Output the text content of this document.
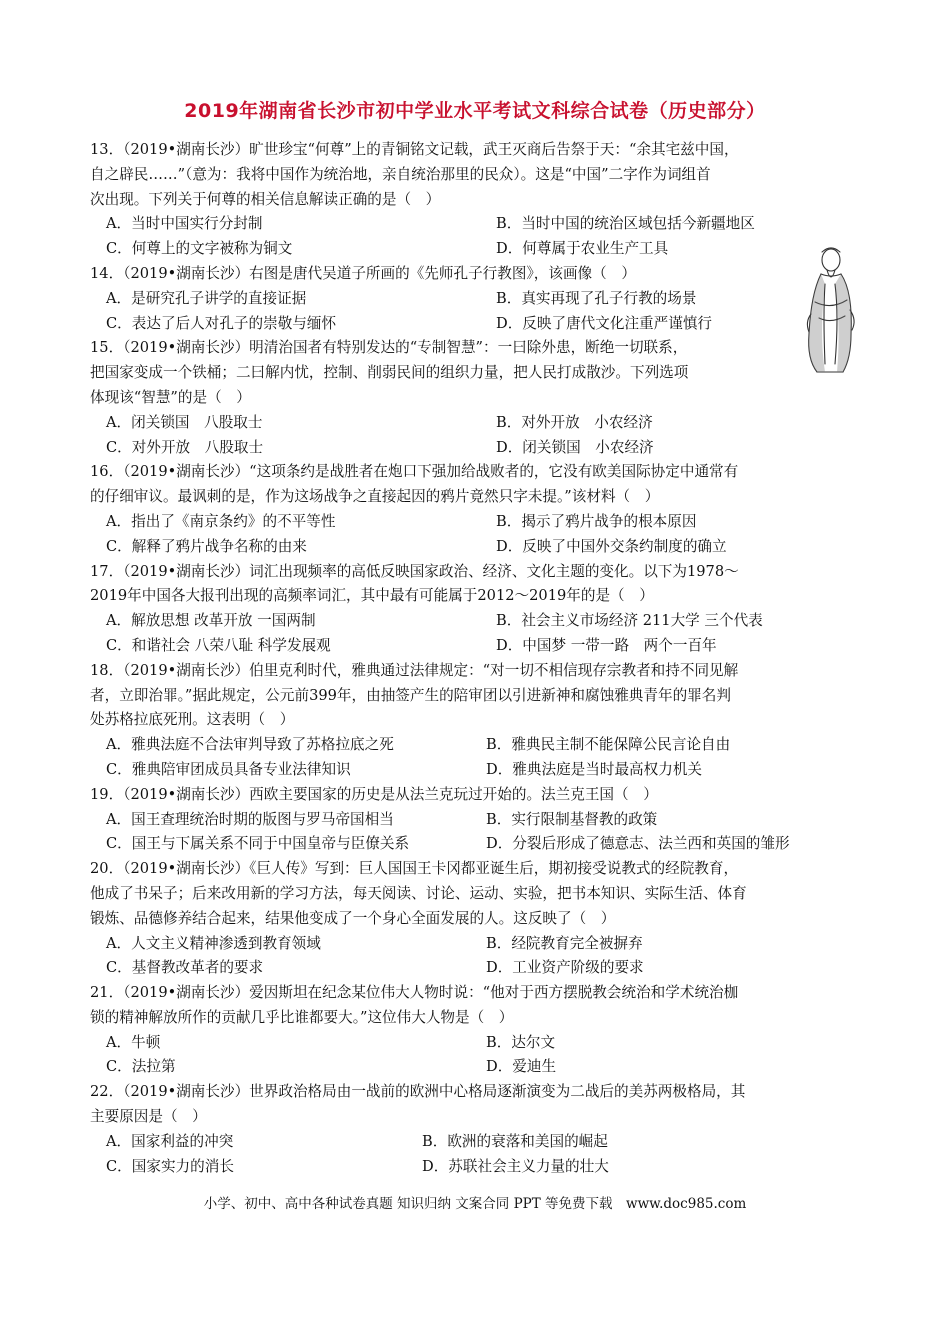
2019年湖南省长沙市初中学业水平考试文科综合试卷（历史部分）
13．（2019•湖南长沙）旷世珍宝“何尊”上的青铜铭文记载，武王灭商后告祭于天：“余其宅兹中国，
自之辟民……”（意为：我将中国作为统治地，亲自统治那里的民众）。这是“中国”二字作为词组首
次出现。下列关于何尊的相关信息解读正确的是（　）
A．当时中国实行分封制	B．当时中国的统治区域包括今新疆地区
C．何尊上的文字被称为铜文	D．何尊属于农业生产工具
14．（2019•湖南长沙）右图是唐代吴道子所画的《先师孔子行教图》，该画像（　）
A．是研究孔子讲学的直接证据	B．真实再现了孔子行教的场景
C．表达了后人对孔子的崇敬与缅怀	D．反映了唐代文化注重严谨慎行
15．（2019•湖南长沙）明清治国者有特别发达的“专制智慧”：一曰除外患，断绝一切联系，
把国家变成一个铁桶；二曰解内忧，控制、削弱民间的组织力量，把人民打成散沙。下列选项
体现该“智慧”的是（　）
A．闭关锁国　八股取士	B．对外开放　小农经济
C．对外开放　八股取士	D．闭关锁国　小农经济
16．（2019•湖南长沙）“这项条约是战胜者在炮口下强加给战败者的，它没有欧美国际协定中通常有
的仔细审议。最讽刺的是，作为这场战争之直接起因的鸦片竟然只字未提。”该材料（　）
A．指出了《南京条约》的不平等性	B．揭示了鸦片战争的根本原因
C．解释了鸦片战争名称的由来	D．反映了中国外交条约制度的确立
17．（2019•湖南长沙）词汇出现频率的高低反映国家政治、经济、文化主题的变化。以下为1978～
2019年中国各大报刊出现的高频率词汇，其中最有可能属于2012～2019年的是（　）
A．解放思想 改革开放 一国两制	B．社会主义市场经济 211大学 三个代表
C．和谐社会 八荣八耻 科学发展观	D．中国梦 一带一路　两个一百年
18．（2019•湖南长沙）伯里克利时代，雅典通过法律规定：“对一切不相信现存宗教者和持不同见解
者，立即治罪。”据此规定，公元前399年，由抽签产生的陪审团以引进新神和腐蚀雅典青年的罪名判
处苏格拉底死刑。这表明（　）
A．雅典法庭不合法审判导致了苏格拉底之死	B．雅典民主制不能保障公民言论自由
C．雅典陪审团成员具备专业法律知识	D．雅典法庭是当时最高权力机关
19．（2019•湖南长沙）西欧主要国家的历史是从法兰克玩过开始的。法兰克王国（　）
A．国王查理统治时期的版图与罗马帝国相当	B．实行限制基督教的政策
C．国王与下属关系不同于中国皇帝与臣僚关系	D．分裂后形成了德意志、法兰西和英国的雏形
20．（2019•湖南长沙）《巨人传》写到：巨人国国王卡冈都亚诞生后，期初接受说教式的经院教育，
他成了书呆子；后来改用新的学习方法，每天阅读、讨论、运动、实验，把书本知识、实际生活、体育
锻炼、品德修养结合起来，结果他变成了一个身心全面发展的人。这反映了（　）
A．人文主义精神渗透到教育领域	B．经院教育完全被摒弃
C．基督教改革者的要求	D．工业资产阶级的要求
21．（2019•湖南长沙）爱因斯坦在纪念某位伟大人物时说：“他对于西方摆脱教会统治和学术统治枷
锁的精神解放所作的贡献几乎比谁都要大。”这位伟大人物是（　）
A．牛顿	B．达尔文
C．法拉第	D．爱迪生
22．（2019•湖南长沙）世界政治格局由一战前的欧洲中心格局逐渐演变为二战后的美苏两极格局，其
主要原因是（　）
A．国家利益的冲突	B．欧洲的衰落和美国的崛起
C．国家实力的消长	D．苏联社会主义力量的壮大
小学、初中、高中各种试卷真题 知识归纳 文案合同 PPT 等免费下载　www.doc985.com
